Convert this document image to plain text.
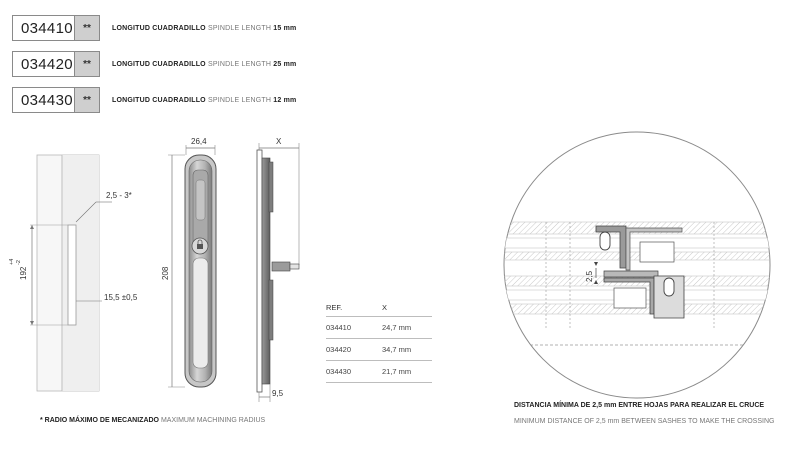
034410	**	LONGITUD CUADRADILLO SPINDLE LENGTH 15 mm
034420	**	LONGITUD CUADRADILLO SPINDLE LENGTH 25 mm
034430	**	LONGITUD CUADRADILLO SPINDLE LENGTH 12 mm
2,5 - 3*
15,5 ±0,5
192
+4 -2
26,4
208
X
9,5
2,5
REF.	X
034410	24,7 mm
034420	34,7 mm
034430	21,7 mm
* RADIO MÁXIMO DE MECANIZADO MAXIMUM MACHINING RADIUS
DISTANCIA MÍNIMA DE 2,5 mm ENTRE HOJAS PARA REALIZAR EL CRUCE
MINIMUM DISTANCE OF 2,5 mm BETWEEN SASHES TO MAKE THE CROSSING
